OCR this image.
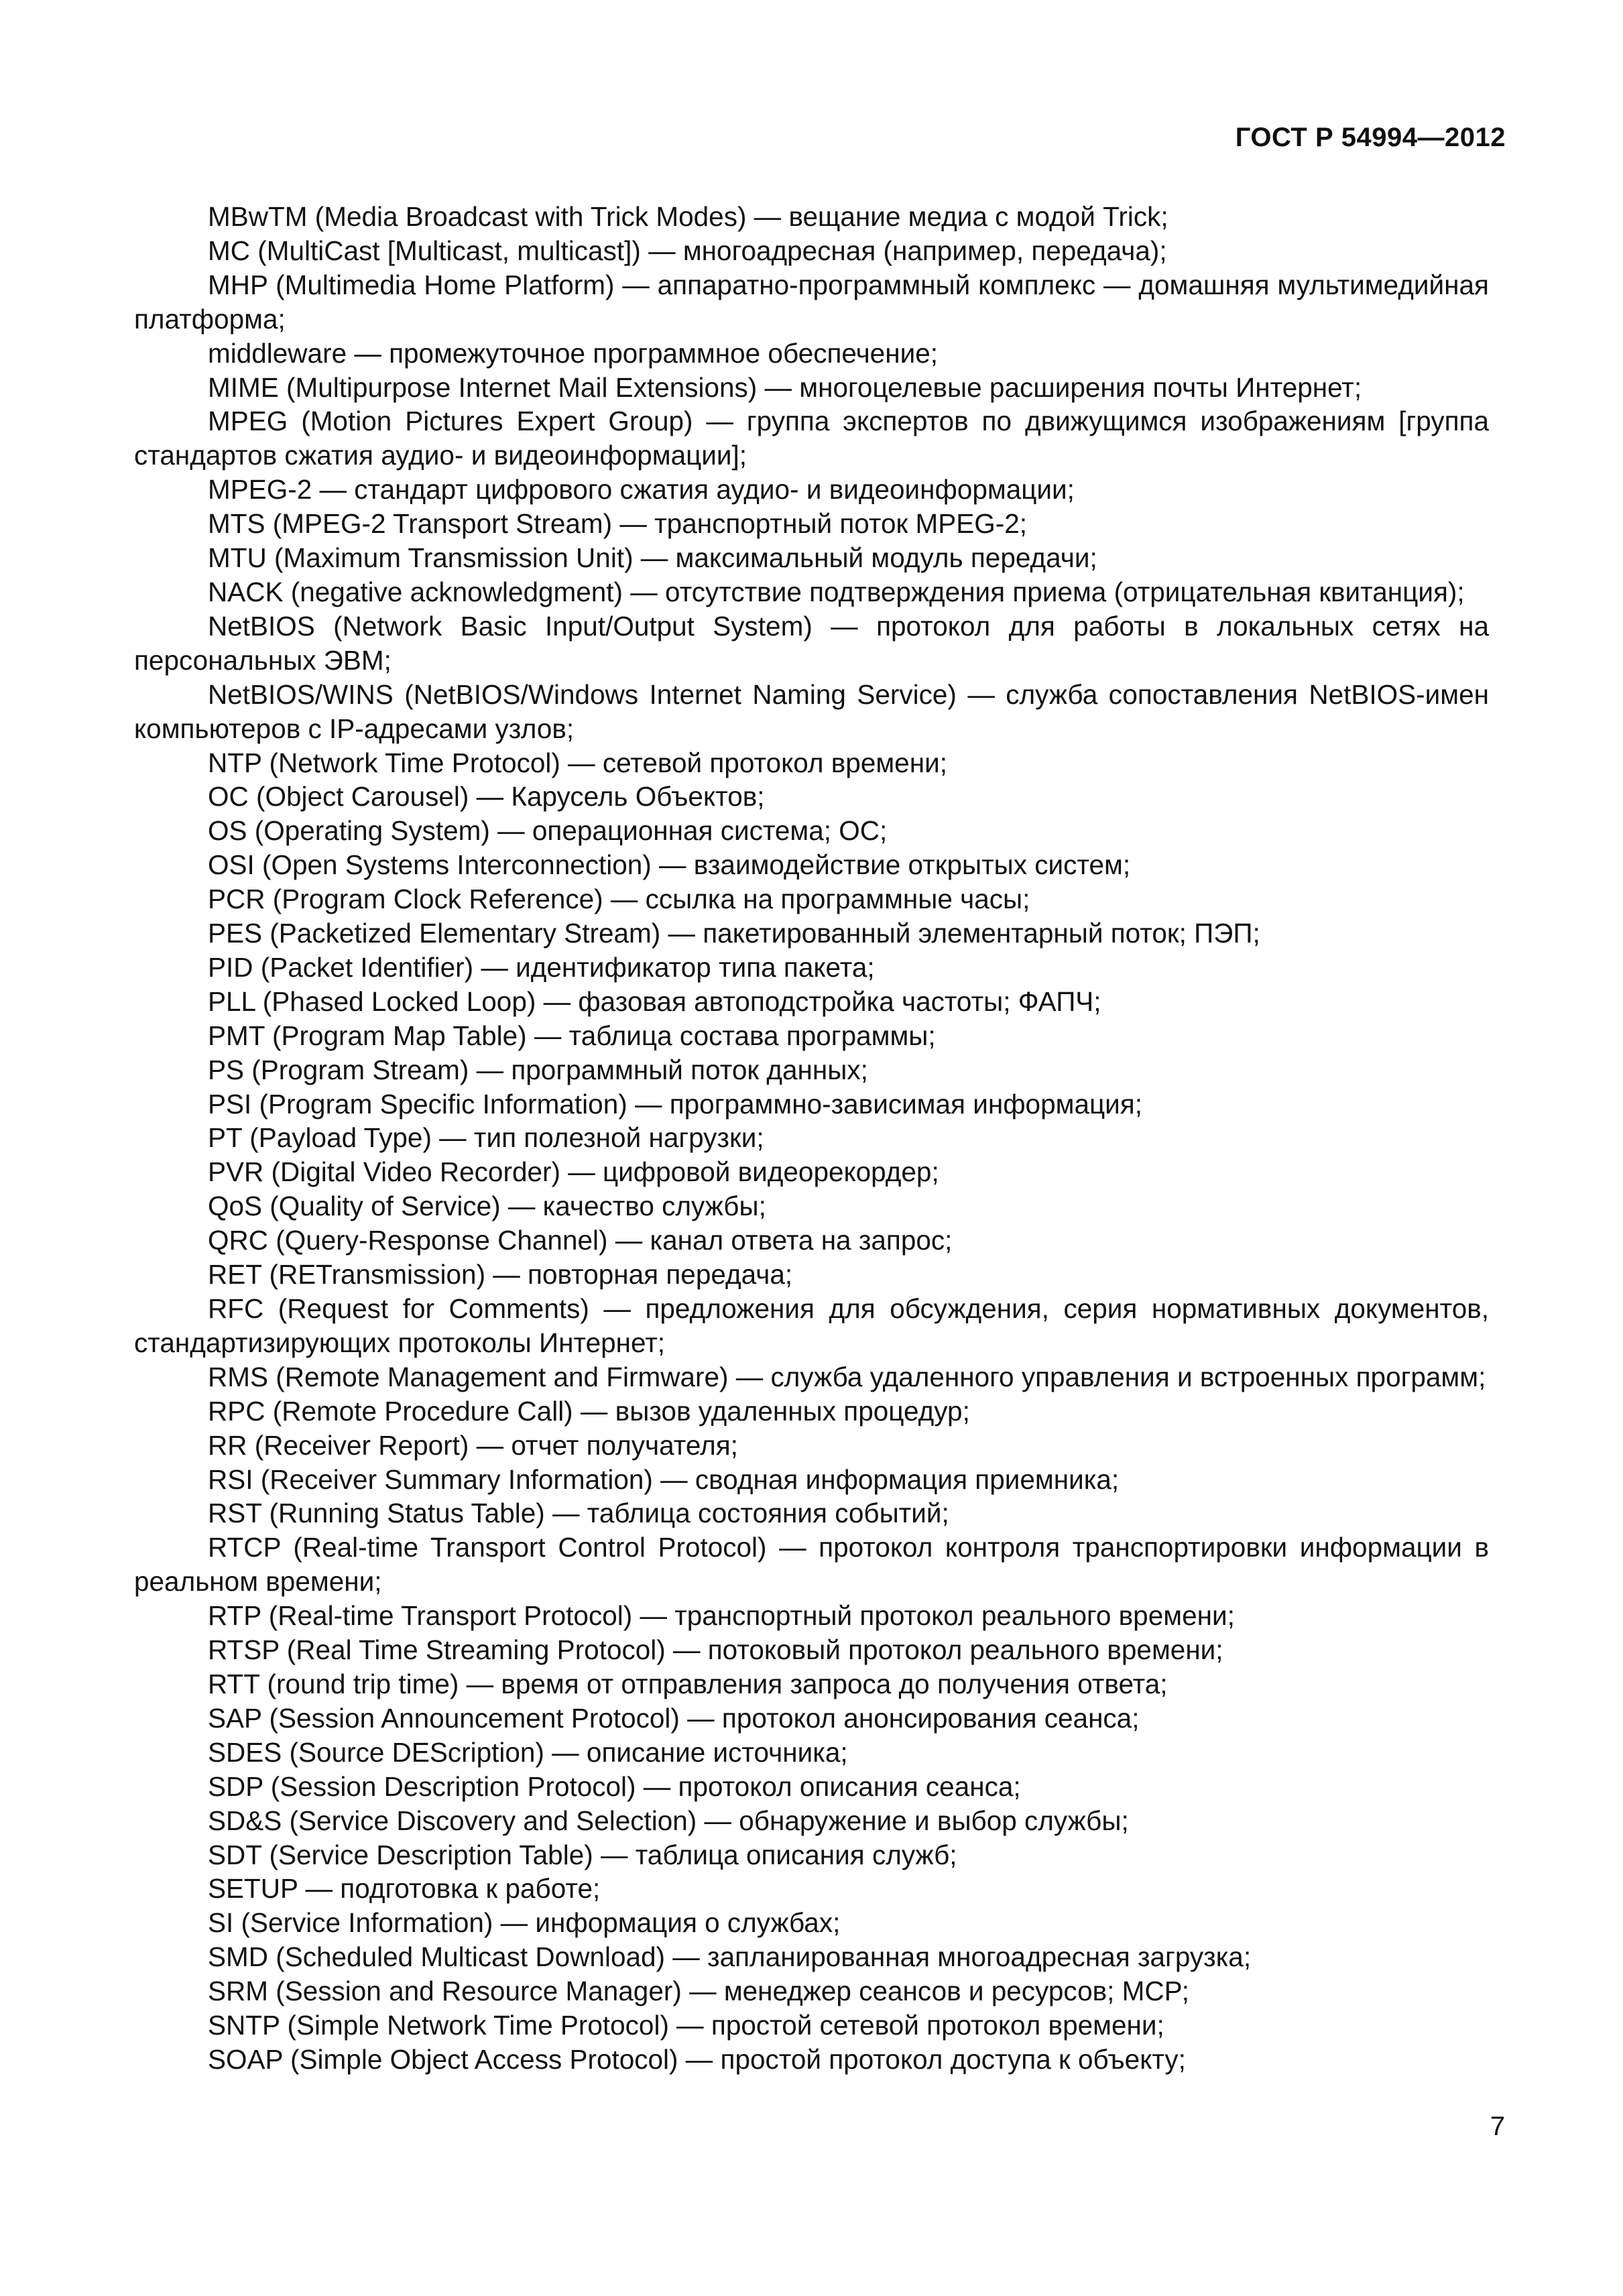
ГОСТ Р 54994—2012

MBwTM (Media Broadcast with Trick Modes) — вещание медиа с модой Trick;

MC (MultiCast [Multicast, multicast]) — многоадресная (например, передача);

MHP (Multimedia Home Platform) — аппаратно-программный комплекс — домашняя мультимедийная платформа;

middleware — промежуточное программное обеспечение;

MIME (Multipurpose Internet Mail Extensions) — многоцелевые расширения почты Интернет;

MPEG (Motion Pictures Expert Group) — группа экспертов по движущимся изображениям [группа стандартов сжатия аудио- и видеоинформации];

MPEG-2 — стандарт цифрового сжатия аудио- и видеоинформации;

MTS (MPEG-2 Transport Stream) — транспортный поток MPEG-2;

MTU (Maximum Transmission Unit) — максимальный модуль передачи;

NACK (negative acknowledgment) — отсутствие подтверждения приема (отрицательная квитанция);

NetBIOS (Network Basic Input/Output System) — протокол для работы в локальных сетях на персональных ЭВМ;

NetBIOS/WINS (NetBIOS/Windows Internet Naming Service) — служба сопоставления NetBIOS-имен компьютеров с IP-адресами узлов;

NTP (Network Time Protocol) — сетевой протокол времени;

OC (Object Carousel) — Карусель Объектов;

OS (Operating System) — операционная система; ОС;

OSI (Open Systems Interconnection) — взаимодействие открытых систем;

PCR (Program Clock Reference) — ссылка на программные часы;

PES (Packetized Elementary Stream) — пакетированный элементарный поток; ПЭП;

PID (Packet Identifier) — идентификатор типа пакета;

PLL (Phased Locked Loop) — фазовая автоподстройка частоты; ФАПЧ;

PMT (Program Map Table) — таблица состава программы;

PS (Program Stream) — программный поток данных;

PSI (Program Specific Information) — программно-зависимая информация;

PT (Payload Type) — тип полезной нагрузки;

PVR (Digital Video Recorder) — цифровой видеорекордер;

QoS (Quality of Service) — качество службы;

QRC (Query-Response Channel) — канал ответа на запрос;

RET (RETransmission) — повторная передача;

RFC (Request for Comments) — предложения для обсуждения, серия нормативных документов, стандартизирующих протоколы Интернет;

RMS (Remote Management and Firmware) — служба удаленного управления и встроенных программ;

RPC (Remote Procedure Call) — вызов удаленных процедур;

RR (Receiver Report) — отчет получателя;

RSI (Receiver Summary Information) — сводная информация приемника;

RST (Running Status Table) — таблица состояния событий;

RTCP (Real-time Transport Control Protocol) — протокол контроля транспортировки информации в реальном времени;

RTP (Real-time Transport Protocol) — транспортный протокол реального времени;

RTSP (Real Time Streaming Protocol) — потоковый протокол реального времени;

RTT (round trip time) — время от отправления запроса до получения ответа;

SAP (Session Announcement Protocol) — протокол анонсирования сеанса;

SDES (Source DEScription) — описание источника;

SDP (Session Description Protocol) — протокол описания сеанса;

SD&S (Service Discovery and Selection) — обнаружение и выбор службы;

SDT (Service Description Table) — таблица описания служб;

SETUP — подготовка к работе;

SI (Service Information) — информация о службах;

SMD (Scheduled Multicast Download) — запланированная многоадресная загрузка;

SRM (Session and Resource Manager) — менеджер сеансов и ресурсов; МСР;

SNTP (Simple Network Time Protocol) — простой сетевой протокол времени;

SOAP (Simple Object Access Protocol) — простой протокол доступа к объекту;

7
